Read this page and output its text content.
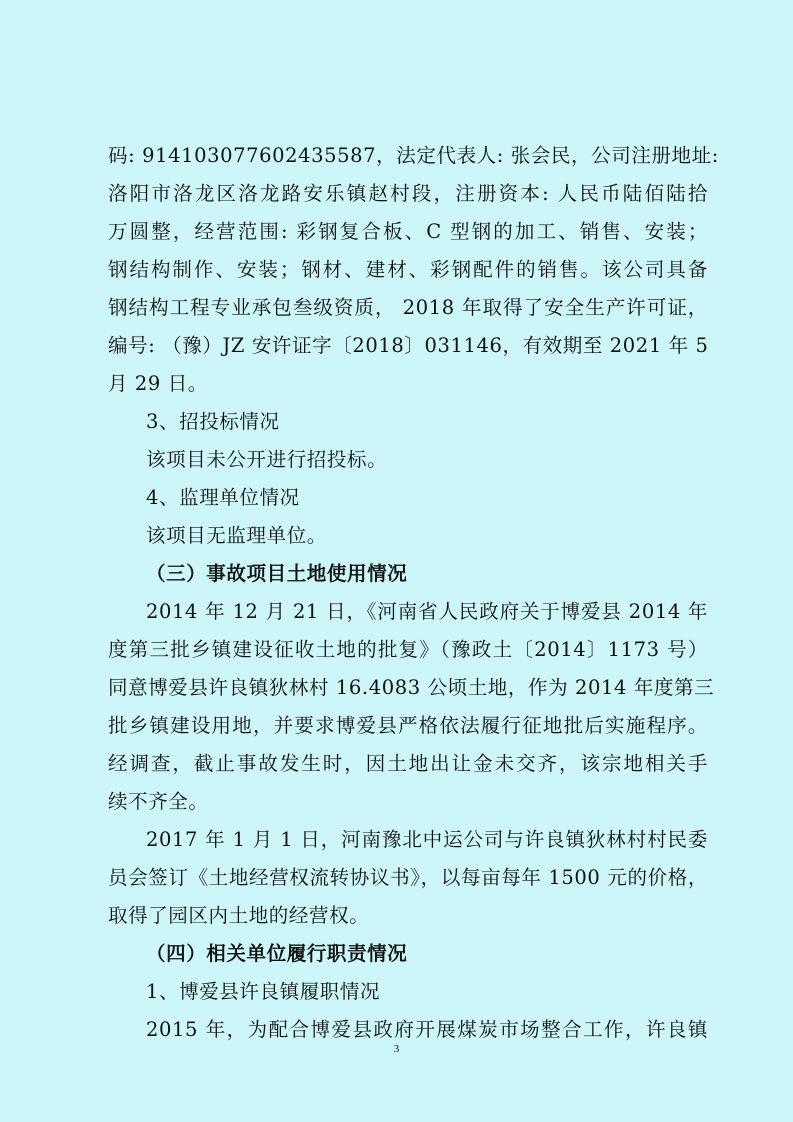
码: 914103077602435587，法定代表人: 张会民，公司注册地址:
洛阳市洛龙区洛龙路安乐镇赵村段，注册资本: 人民币陆佰陆拾
万圆整，经营范围: 彩钢复合板、C 型钢的加工、销售、安装；
钢结构制作、安装；钢材、建材、彩钢配件的销售。该公司具备
钢结构工程专业承包叁级资质， 2018 年取得了安全生产许可证，
编号: （豫）JZ 安许证字〔2018〕031146，有效期至 2021 年 5
月 29 日。
3、招投标情况
该项目未公开进行招投标。
4、监理单位情况
该项目无监理单位。
（三）事故项目土地使用情况
2014 年 12 月 21 日，《河南省人民政府关于博爱县 2014 年
度第三批乡镇建设征收土地的批复》（豫政土〔2014〕1173 号）
同意博爱县许良镇狄林村 16.4083 公顷土地，作为 2014 年度第三
批乡镇建设用地，并要求博爱县严格依法履行征地批后实施程序。
经调查，截止事故发生时，因土地出让金未交齐，该宗地相关手
续不齐全。
2017 年 1 月 1 日，河南豫北中运公司与许良镇狄林村村民委
员会签订《土地经营权流转协议书》，以每亩每年 1500 元的价格，
取得了园区内土地的经营权。
（四）相关单位履行职责情况
1、博爱县许良镇履职情况
2015 年，为配合博爱县政府开展煤炭市场整合工作，许良镇
3
